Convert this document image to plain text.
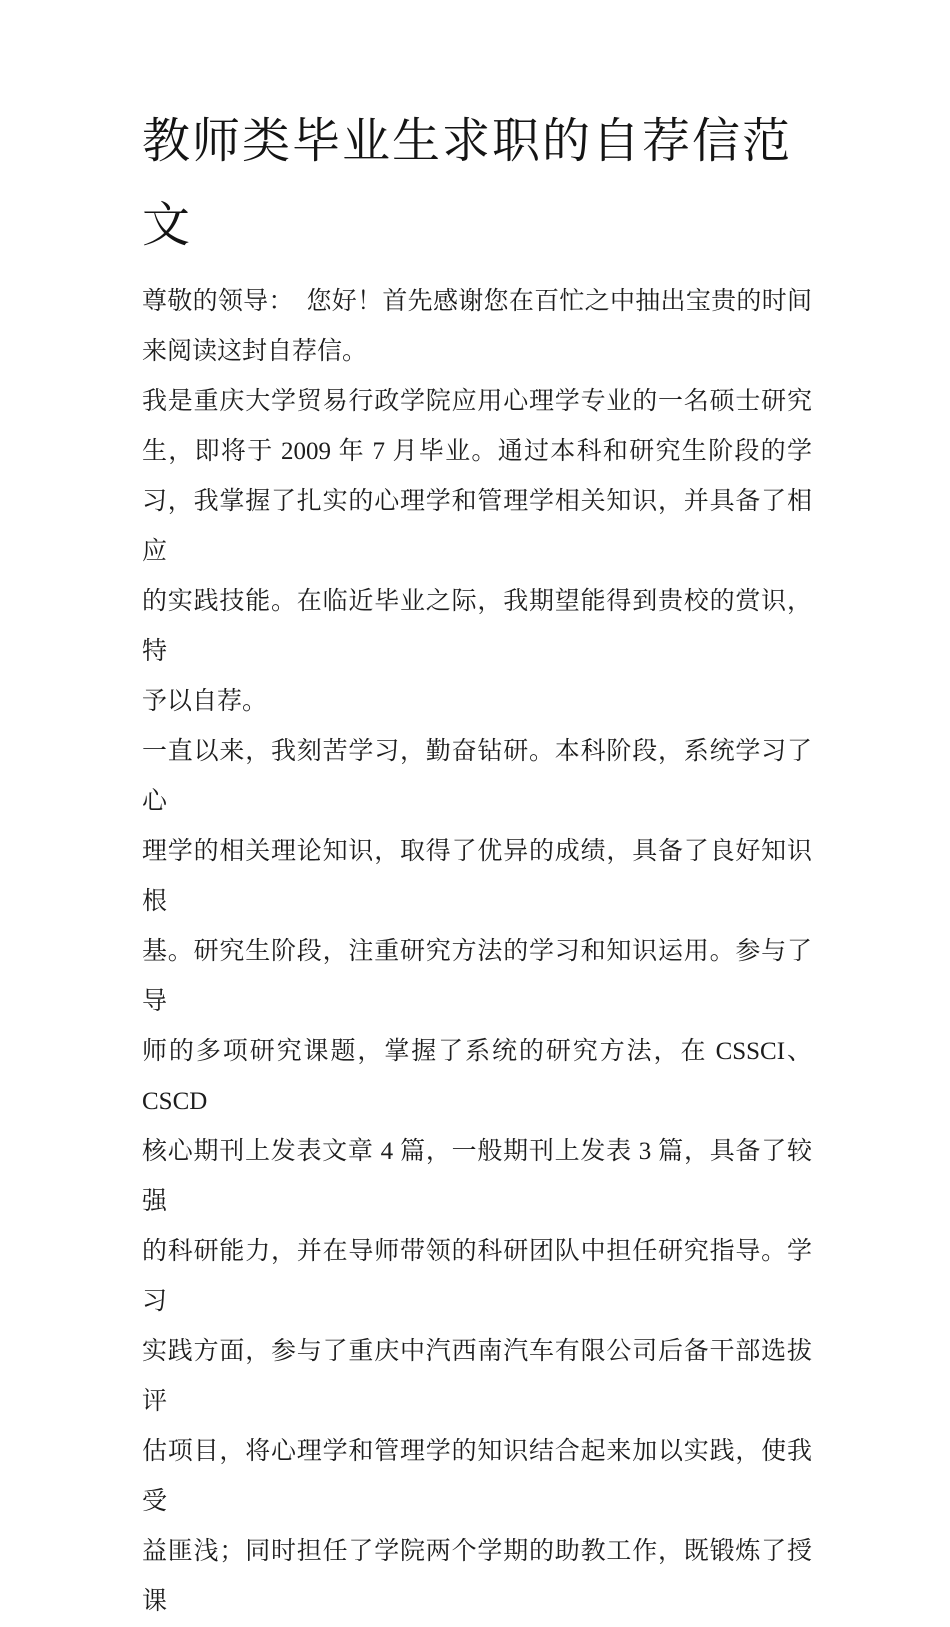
教师类毕业生求职的自荐信范
文

尊敬的领导：　您好！首先感谢您在百忙之中抽出宝贵的时间
来阅读这封自荐信。

我是重庆大学贸易行政学院应用心理学专业的一名硕士研究
生，即将于 2009 年 7 月毕业。通过本科和研究生阶段的学
习，我掌握了扎实的心理学和管理学相关知识，并具备了相应
的实践技能。在临近毕业之际，我期望能得到贵校的赏识，特
予以自荐。

一直以来，我刻苦学习，勤奋钻研。本科阶段，系统学习了心
理学的相关理论知识，取得了优异的成绩，具备了良好知识根
基。研究生阶段，注重研究方法的学习和知识运用。参与了导
师的多项研究课题，掌握了系统的研究方法，在 CSSCI、CSCD
核心期刊上发表文章 4 篇，一般期刊上发表 3 篇，具备了较强
的科研能力，并在导师带领的科研团队中担任研究指导。学习
实践方面，参与了重庆中汽西南汽车有限公司后备干部选拔评
估项目，将心理学和管理学的知识结合起来加以实践，使我受
益匪浅；同时担任了学院两个学期的助教工作，既锻炼了授课
